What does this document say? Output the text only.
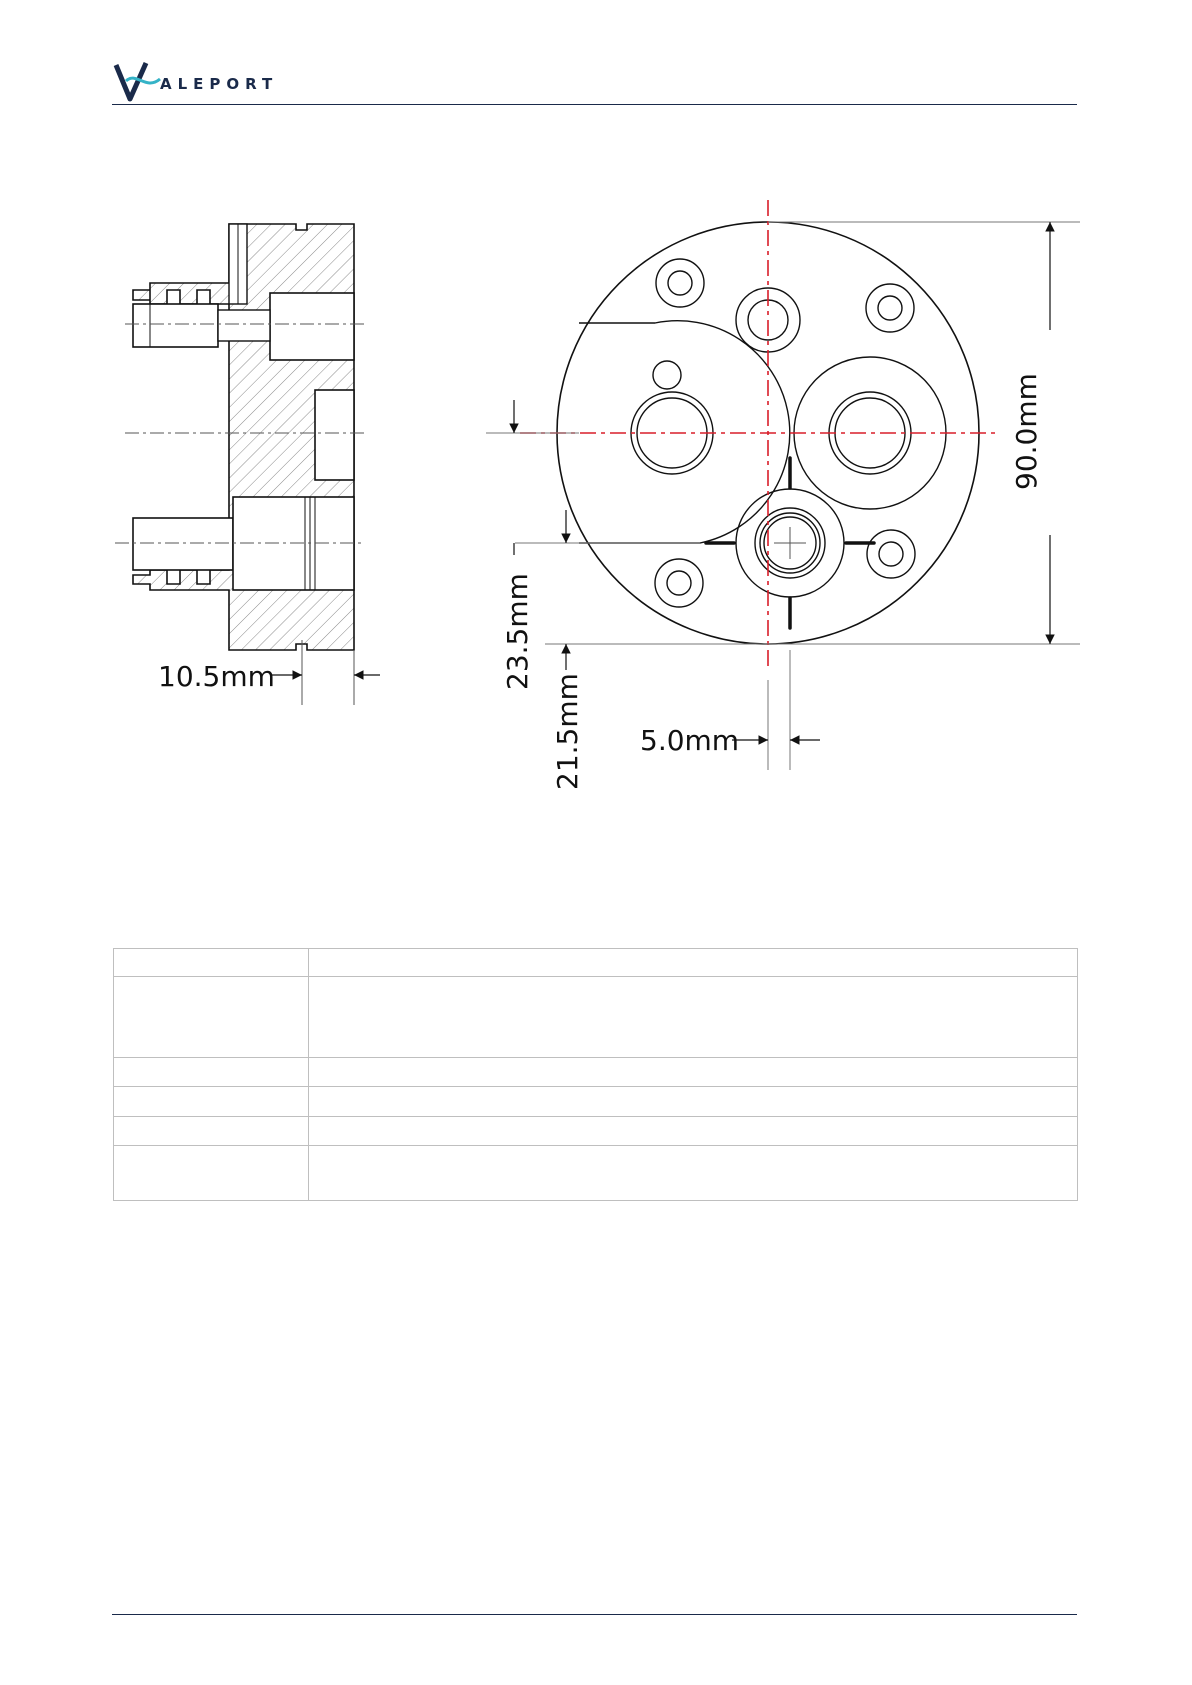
ALEPORT
10.5mm
90.0mm
23.5mm
21.5mm 5.0mm
